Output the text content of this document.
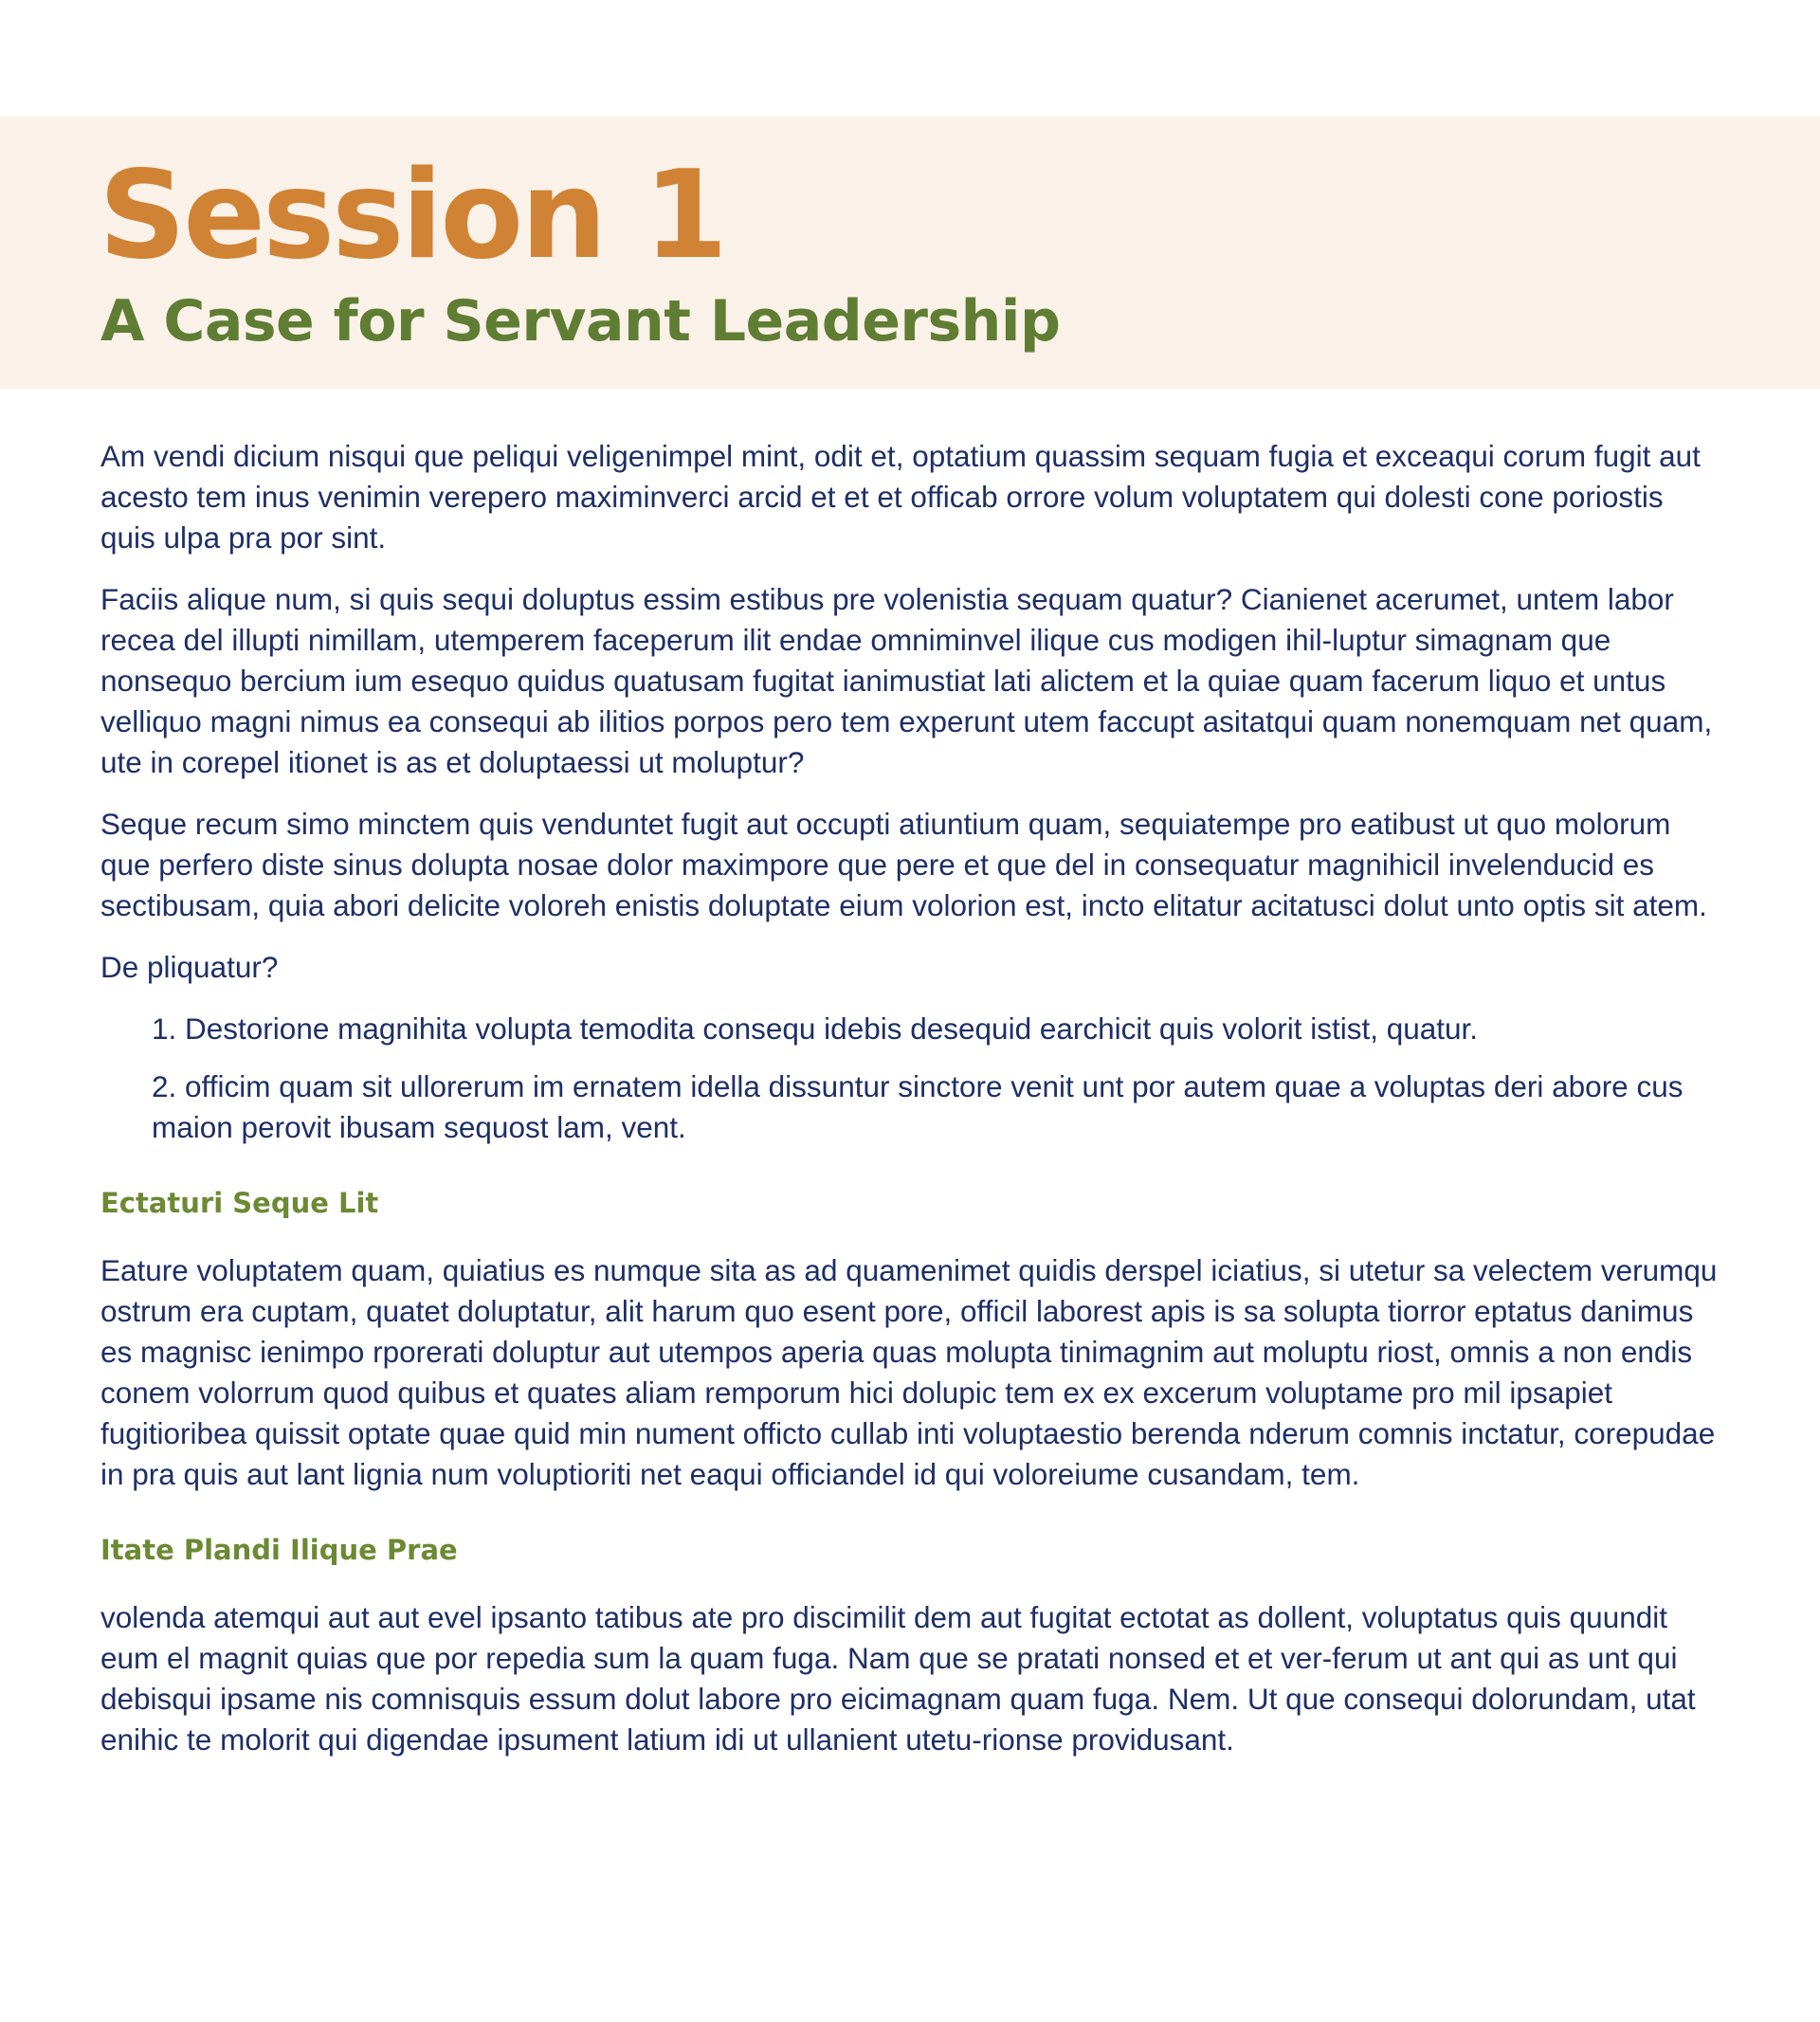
Session 1
A Case for Servant Leadership

Am vendi dicium nisqui que peliqui veligenimpel mint, odit et, optatium quassim sequam fugia et exceaqui corum fugit aut acesto tem inus venimin verepero maximinverci arcid et et et officab orrore volum voluptatem qui dolesti cone poriostis quis ulpa pra por sint.

Faciis alique num, si quis sequi doluptus essim estibus pre volenistia sequam quatur? Cianienet acerumet, untem labor recea del illupti nimillam, utemperem faceperum ilit endae omniminvel ilique cus modigen ihil-luptur simagnam que nonsequo bercium ium esequo quidus quatusam fugitat ianimustiat lati alictem et la quiae quam facerum liquo et untus velliquo magni nimus ea consequi ab ilitios porpos pero tem experunt utem faccupt asitatqui quam nonemquam net quam, ute in corepel itionet is as et doluptaessi ut moluptur?

Seque recum simo minctem quis venduntet fugit aut occupti atiuntium quam, sequiatempe pro eatibust ut quo molorum que perfero diste sinus dolupta nosae dolor maximpore que pere et que del in consequatur magnihicil invelenducid es sectibusam, quia abori delicite voloreh enistis doluptate eium volorion est, incto elitatur acitatusci dolut unto optis sit atem.

De pliquatur?

1. Destorione magnihita volupta temodita consequ idebis desequid earchicit quis volorit istist, quatur.
2. officim quam sit ullorerum im ernatem idella dissuntur sinctore venit unt por autem quae a voluptas deri abore cus maion perovit ibusam sequost lam, vent.
Ectaturi Seque Lit

Eature voluptatem quam, quiatius es numque sita as ad quamenimet quidis derspel iciatius, si utetur sa velectem verumqu ostrum era cuptam, quatet doluptatur, alit harum quo esent pore, officil laborest apis is sa solupta tiorror eptatus danimus es magnisc ienimpo rporerati doluptur aut utempos aperia quas molupta tinimagnim aut moluptu riost, omnis a non endis conem volorrum quod quibus et quates aliam remporum hici dolupic tem ex ex excerum voluptame pro mil ipsapiet fugitioribea quissit optate quae quid min nument officto cullab inti voluptaestio berenda nderum comnis inctatur, corepudae in pra quis aut lant lignia num voluptioriti net eaqui officiandel id qui voloreiume cusandam, tem.

Itate Plandi Ilique Prae

volenda atemqui aut aut evel ipsanto tatibus ate pro discimilit dem aut fugitat ectotat as dollent, voluptatus quis quundit eum el magnit quias que por repedia sum la quam fuga. Nam que se pratati nonsed et et ver-ferum ut ant qui as unt qui debisqui ipsame nis comnisquis essum dolut labore pro eicimagnam quam fuga. Nem. Ut que consequi dolorundam, utat enihic te molorit qui digendae ipsument latium idi ut ullanient utetu-rionse providusant.
